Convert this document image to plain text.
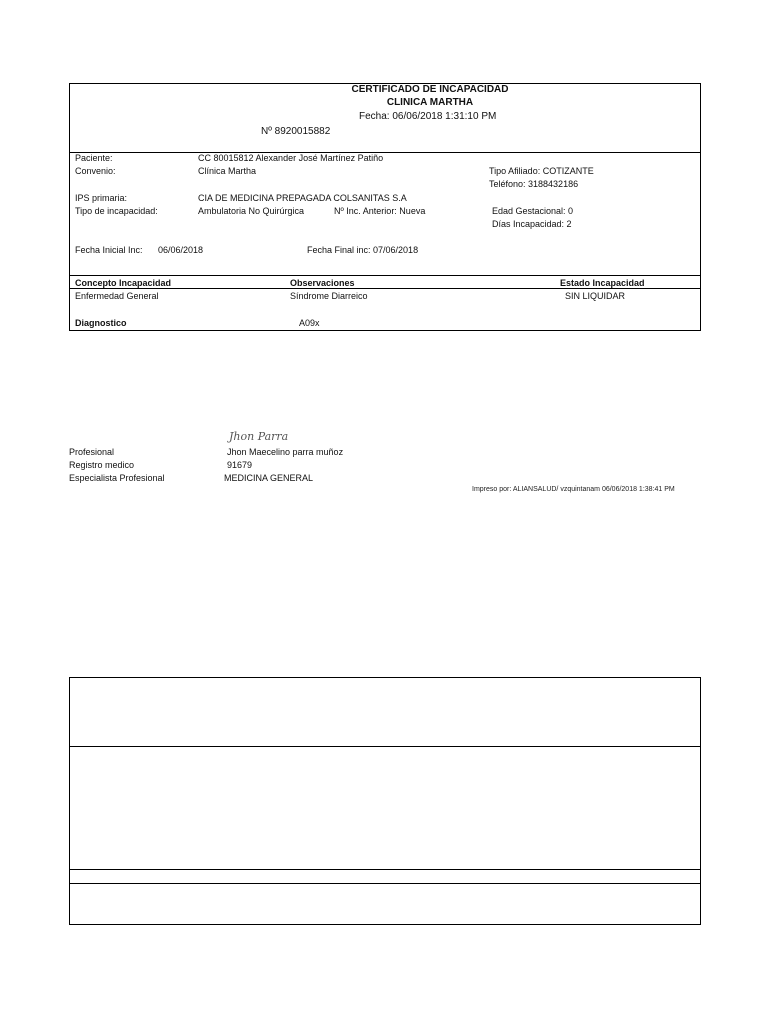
CERTIFICADO DE INCAPACIDAD
CLINICA MARTHA
Fecha: 06/06/2018 1:31:10 PM
Nº 8920015882
Paciente:	CC 80015812 Alexander José Martínez Patiño
Convenio:	Clínica Martha	Tipo Afiliado: COTIZANTE
Teléfono: 3188432186
IPS primaria:	CIA DE MEDICINA PREPAGADA COLSANITAS S.A
Tipo de incapacidad:	Ambulatoria No Quirúrgica	Nº Inc. Anterior: Nueva	Edad Gestacional: 0
Días Incapacidad: 2
Fecha Inicial Inc: 06/06/2018	Fecha Final inc: 07/06/2018
Concepto Incapacidad	Observaciones	Estado Incapacidad
Enfermedad General	Síndrome Diarreico	SIN LIQUIDAR
Diagnostico	A09x
Jhon Parra
Profesional	Jhon Maecelino parra muñoz
Registro medico	91679
Especialista Profesional	MEDICINA GENERAL
Impreso por: ALIANSALUD/ vzquintanam 06/06/2018 1:38:41 PM
